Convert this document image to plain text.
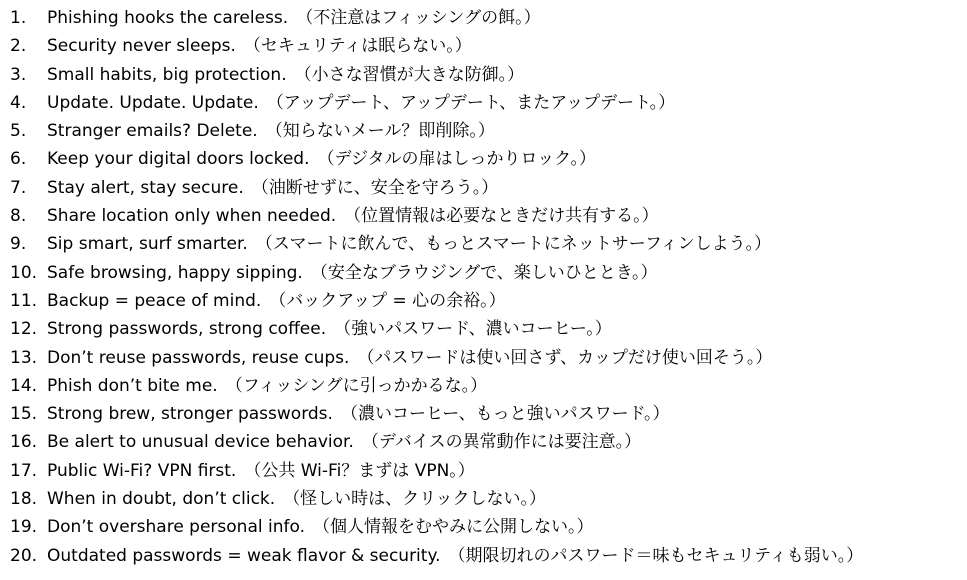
1.	Phishing hooks the careless. （不注意はフィッシングの餌。）
2.	Security never sleeps. （セキュリティは眠らない。）
3.	Small habits, big protection. （小さな習慣が大きな防御。）
4.	Update. Update. Update. （アップデート、アップデート、またアップデート。）
5.	Stranger emails? Delete. （知らないメール？即削除。）
6.	Keep your digital doors locked. （デジタルの扉はしっかりロック。）
7.	Stay alert, stay secure. （油断せずに、安全を守ろう。）
8.	Share location only when needed. （位置情報は必要なときだけ共有する。）
9.	Sip smart, surf smarter. （スマートに飲んで、もっとスマートにネットサーフィンしよう。）
10. Safe browsing, happy sipping. （安全なブラウジングで、楽しいひととき。）
11. Backup = peace of mind. （バックアップ = 心の余裕。）
12. Strong passwords, strong coffee. （強いパスワード、濃いコーヒー。）
13. Don’t reuse passwords, reuse cups. （パスワードは使い回さず、カップだけ使い回そう。）
14. Phish don’t bite me. （フィッシングに引っかかるな。）
15. Strong brew, stronger passwords. （濃いコーヒー、もっと強いパスワード。）
16. Be alert to unusual device behavior. （デバイスの異常動作には要注意。）
17. Public Wi-Fi? VPN first. （公共 Wi-Fi？まずは VPN。）
18. When in doubt, don’t click. （怪しい時は、クリックしない。）
19. Don’t overshare personal info. （個人情報をむやみに公開しない。）
20. Outdated passwords = weak flavor & security. （期限切れのパスワード＝味もセキュリティも弱い。）
